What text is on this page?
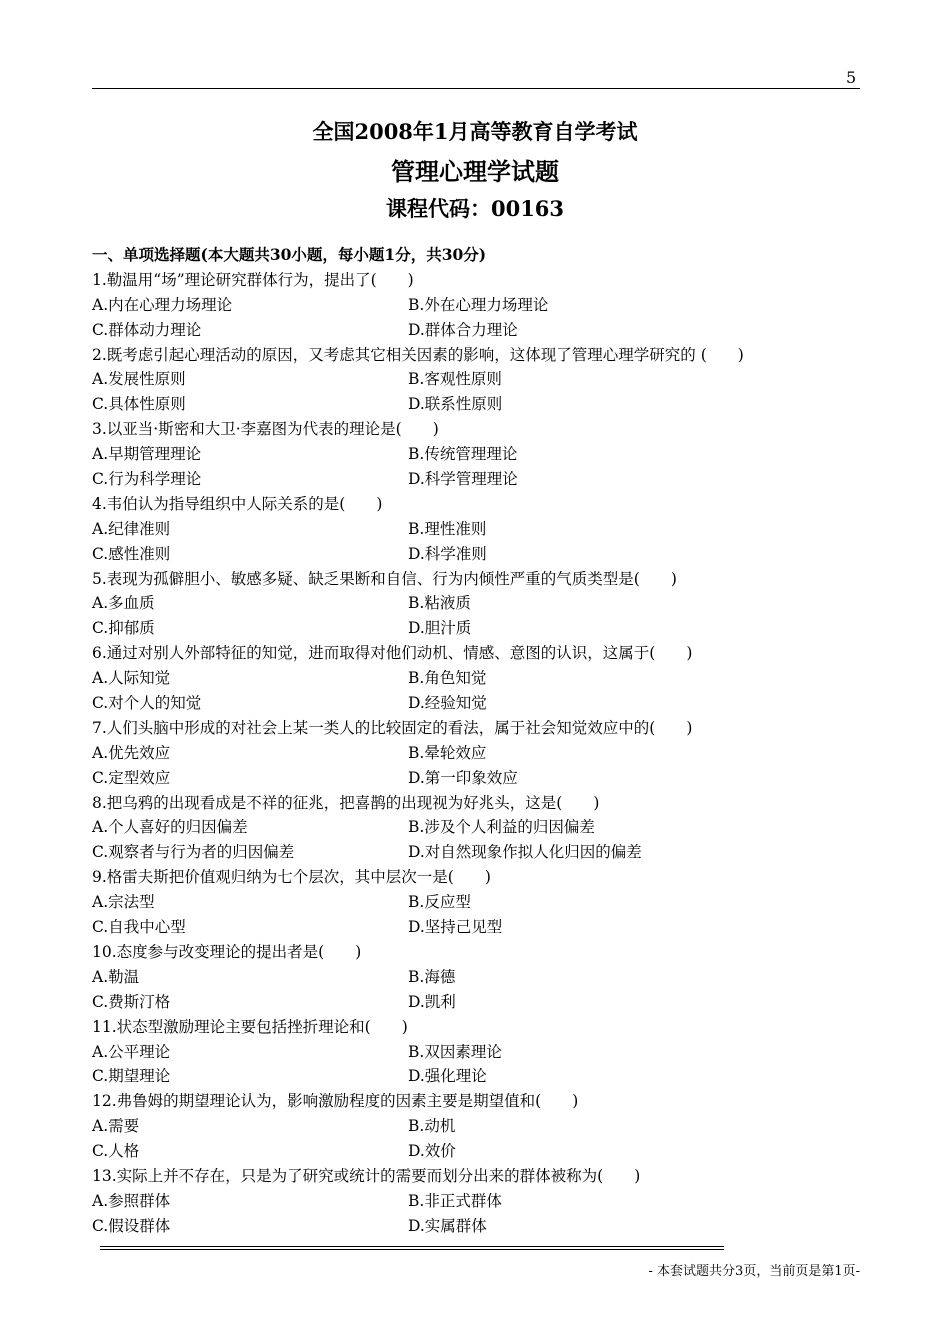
5
全国2008年1月高等教育自学考试
管理心理学试题
课程代码：00163
一、单项选择题(本大题共30小题，每小题1分，共30分)
1.勒温用“场”理论研究群体行为，提出了(　　)
A.内在心理力场理论	B.外在心理力场理论
C.群体动力理论	D.群体合力理论
2.既考虑引起心理活动的原因，又考虑其它相关因素的影响，这体现了管理心理学研究的 (　　)
A.发展性原则	B.客观性原则
C.具体性原则	D.联系性原则
3.以亚当·斯密和大卫·李嘉图为代表的理论是(　　)
A.早期管理理论	B.传统管理理论
C.行为科学理论	D.科学管理理论
4.韦伯认为指导组织中人际关系的是(　　)
A.纪律准则	B.理性准则
C.感性准则	D.科学准则
5.表现为孤僻胆小、敏感多疑、缺乏果断和自信、行为内倾性严重的气质类型是(　　)
A.多血质	B.粘液质
C.抑郁质	D.胆汁质
6.通过对别人外部特征的知觉，进而取得对他们动机、情感、意图的认识，这属于(　　)
A.人际知觉	B.角色知觉
C.对个人的知觉	D.经验知觉
7.人们头脑中形成的对社会上某一类人的比较固定的看法，属于社会知觉效应中的(　　)
A.优先效应	B.晕轮效应
C.定型效应	D.第一印象效应
8.把乌鸦的出现看成是不祥的征兆，把喜鹊的出现视为好兆头，这是(　　)
A.个人喜好的归因偏差	B.涉及个人利益的归因偏差
C.观察者与行为者的归因偏差	D.对自然现象作拟人化归因的偏差
9.格雷夫斯把价值观归纳为七个层次，其中层次一是(　　)
A.宗法型	B.反应型
C.自我中心型	D.坚持己见型
10.态度参与改变理论的提出者是(　　)
A.勒温	B.海德
C.费斯汀格	D.凯利
11.状态型激励理论主要包括挫折理论和(　　)
A.公平理论	B.双因素理论
C.期望理论	D.强化理论
12.弗鲁姆的期望理论认为，影响激励程度的因素主要是期望值和(　　)
A.需要	B.动机
C.人格	D.效价
13.实际上并不存在，只是为了研究或统计的需要而划分出来的群体被称为(　　)
A.参照群体	B.非正式群体
C.假设群体	D.实属群体
- 本套试题共分3页，当前页是第1页-
